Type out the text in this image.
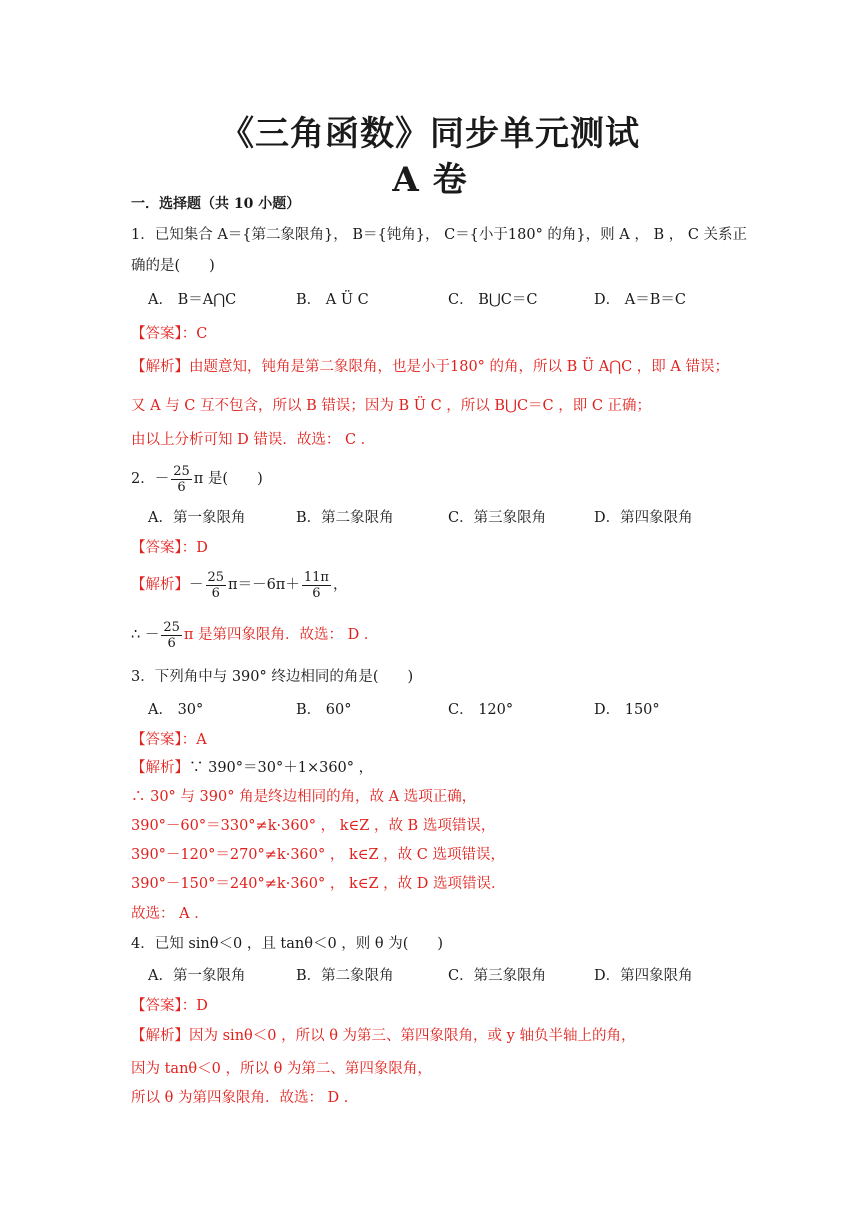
《三角函数》同步单元测试
A 卷
一．选择题（共 10 小题）
1．已知集合 A＝{第二象限角}， B＝{钝角}， C＝{小于180° 的角}，则 A ， B ， C 关系正
确的是(　　)
A． B＝A⋂C	B． A Ü C	C． B⋃C＝C	D． A＝B＝C
【答案】：C
【解析】由题意知，钝角是第二象限角，也是小于180° 的角，所以 B Ü A⋂C ，即 A 错误；
又 A 与 C 互不包含，所以 B 错误；因为 B Ü C ，所以 B⋃C＝C ，即 C 正确；
由以上分析可知 D 错误．故选： C ．
2．－ $\frac{25}{6}$ π 是(　　)
A．第一象限角	B．第二象限角	C．第三象限角	D．第四象限角
【答案】：D
【解析】－ $\frac{25}{6} \pi=-6\pi+ \frac{11\pi}{6}$ ，
∴ － $\frac{25}{6}$ π 是第四象限角．故选： D ．
3．下列角中与 390° 终边相同的角是(　　)
A． 30°	B． 60°	C． 120°	D． 150°
【答案】：A
【解析】∵ 390°＝30°＋1×360° ，
∴ 30° 与 390° 角是终边相同的角，故 A 选项正确，
390°－60°＝330°≠k·360° ， k∈Z ，故 B 选项错误，
390°－120°＝270°≠k·360° ， k∈Z ，故 C 选项错误，
390°－150°＝240°≠k·360° ， k∈Z ，故 D 选项错误．
故选： A ．
4．已知 sinθ＜0 ，且 tanθ＜0 ，则 θ 为(　　)
A．第一象限角	B．第二象限角	C．第三象限角	D．第四象限角
【答案】：D
【解析】因为 sinθ＜0 ，所以 θ 为第三、第四象限角，或 y 轴负半轴上的角，
因为 tanθ＜0 ，所以 θ 为第二、第四象限角，
所以 θ 为第四象限角．故选： D ．
